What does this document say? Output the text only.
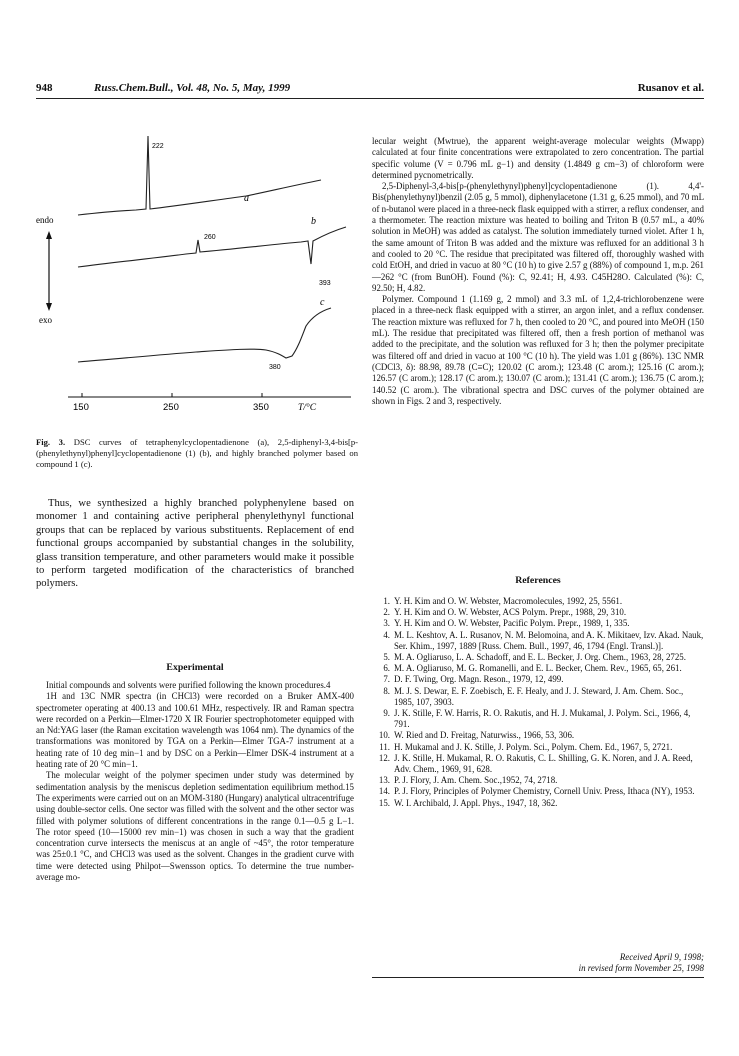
948	Russ.Chem.Bull., Vol. 48, No. 5, May, 1999	Rusanov et al.
endo
exo
a
222
b
260
393
c
380
150	250	350	T/°C
Fig. 3. DSC curves of tetraphenylcyclopentadienone (a), 2,5-diphenyl-3,4-bis[p-(phenylethynyl)phenyl]cyclopentadienone (1) (b), and highly branched polymer based on compound 1 (c).

Thus, we synthesized a highly branched polyphenylene based on monomer 1 and containing active peripheral phenylethynyl functional groups that can be replaced by various substituents. Replacement of end functional groups accompanied by substantial changes in the solubility, glass transition temperature, and other parameters would make it possible to perform targeted modification of the characteristics of branched polymers.

Experimental

Initial compounds and solvents were purified following the known procedures.4

1H and 13C NMR spectra (in CHCl3) were recorded on a Bruker AMX-400 spectrometer operating at 400.13 and 100.61 MHz, respectively. IR and Raman spectra were recorded on a Perkin—Elmer-1720 X IR Fourier spectrophotometer equipped with an Nd:YAG laser (the Raman excitation wavelength was 1064 nm). The dynamics of the transformations was monitored by TGA on a Perkin—Elmer TGA-7 instrument at a heating rate of 10 deg min−1 and by DSC on a Perkin—Elmer DSK-4 instrument at a heating rate of 20 °C min−1.

The molecular weight of the polymer specimen under study was determined by sedimentation analysis by the meniscus depletion sedimentation equilibrium method.15 The experiments were carried out on an MOM-3180 (Hungary) analytical ultracentrifuge using double-sector cells. One sector was filled with the solvent and the other sector was filled with polymer solutions of different concentrations in the range 0.1—0.5 g L−1. The rotor speed (10—15000 rev min−1) was chosen in such a way that the gradient concentration curve intersects the meniscus at an angle of ~45°, the rotor temperature was 25±0.1 °C, and CHCl3 was used as the solvent. Changes in the gradient curve with time were detected using Philpot—Swensson optics. To determine the true number-average mo-

lecular weight (Mwtrue), the apparent weight-average molecular weights (Mwapp) calculated at four finite concentrations were extrapolated to zero concentration. The partial specific volume (V = 0.796 mL g−1) and density (1.4849 g cm−3) of chloroform were determined pycnometrically.

2,5-Diphenyl-3,4-bis[p-(phenylethynyl)phenyl]cyclopentadienone (1). 4,4'-Bis(phenylethynyl)benzil (2.05 g, 5 mmol), diphenylacetone (1.31 g, 6.25 mmol), and 70 mL of n-butanol were placed in a three-neck flask equipped with a stirrer, a reflux condenser, and a thermometer. The reaction mixture was heated to boiling and Triton B (0.57 mL, a 40% solution in MeOH) was added as catalyst. The solution immediately turned violet. After 1 h, the same amount of Triton B was added and the mixture was refluxed for an additional 3 h and cooled to 20 °C. The residue that precipitated was filtered off, thoroughly washed with cold EtOH, and dried in vacuo at 80 °C (10 h) to give 2.57 g (88%) of compound 1, m.p. 261—262 °C (from BunOH). Found (%): C, 92.41; H, 4.93. C45H28O. Calculated (%): C, 92.50; H, 4.82.

Polymer. Compound 1 (1.169 g, 2 mmol) and 3.3 mL of 1,2,4-trichlorobenzene were placed in a three-neck flask equipped with a stirrer, an argon inlet, and a reflux condenser. The reaction mixture was refluxed for 7 h, then cooled to 20 °C, and poured into MeOH (150 mL). The residue that precipitated was filtered off, then a fresh portion of methanol was added to the precipitate, and the solution was refluxed for 3 h; then the polymer precipitate was filtered off and dried in vacuo at 100 °C (10 h). The yield was 1.01 g (86%). 13C NMR (CDCl3, δ): 88.98, 89.78 (C≡C); 120.02 (C arom.); 123.48 (C arom.); 125.16 (C arom.); 126.57 (C arom.); 128.17 (C arom.); 130.07 (C arom.); 131.41 (C arom.); 136.75 (C arom.); 140.52 (C arom.). The vibrational spectra and DSC curves of the polymer obtained are shown in Figs. 2 and 3, respectively.

References
1. Y. H. Kim and O. W. Webster, Macromolecules, 1992, 25, 5561.
2. Y. H. Kim and O. W. Webster, ACS Polym. Prepr., 1988, 29, 310.
3. Y. H. Kim and O. W. Webster, Pacific Polym. Prepr., 1989, 1, 335.
4. M. L. Keshtov, A. L. Rusanov, N. M. Belomoina, and A. K. Mikitaev, Izv. Akad. Nauk, Ser. Khim., 1997, 1889 [Russ. Chem. Bull., 1997, 46, 1794 (Engl. Transl.)].
5. M. A. Ogliaruso, L. A. Schadoff, and E. L. Becker, J. Org. Chem., 1963, 28, 2725.
6. M. A. Ogliaruso, M. G. Romanelli, and E. L. Becker, Chem. Rev., 1965, 65, 261.
7. D. F. Twing, Org. Magn. Reson., 1979, 12, 499.
8. M. J. S. Dewar, E. F. Zoebisch, E. F. Healy, and J. J. Steward, J. Am. Chem. Soc., 1985, 107, 3903.
9. J. K. Stille, F. W. Harris, R. O. Rakutis, and H. J. Mukamal, J. Polym. Sci., 1966, 4, 791.
10. W. Ried and D. Freitag, Naturwiss., 1966, 53, 306.
11. H. Mukamal and J. K. Stille, J. Polym. Sci., Polym. Chem. Ed., 1967, 5, 2721.
12. J. K. Stille, H. Mukamal, R. O. Rakutis, C. L. Shilling, G. K. Noren, and J. A. Reed, Adv. Chem., 1969, 91, 628.
13. P. J. Flory, J. Am. Chem. Soc.,1952, 74, 2718.
14. P. J. Flory, Principles of Polymer Chemistry, Cornell Univ. Press, Ithaca (NY), 1953.
15. W. I. Archibald, J. Appl. Phys., 1947, 18, 362.
Received April 9, 1998;
in revised form November 25, 1998
